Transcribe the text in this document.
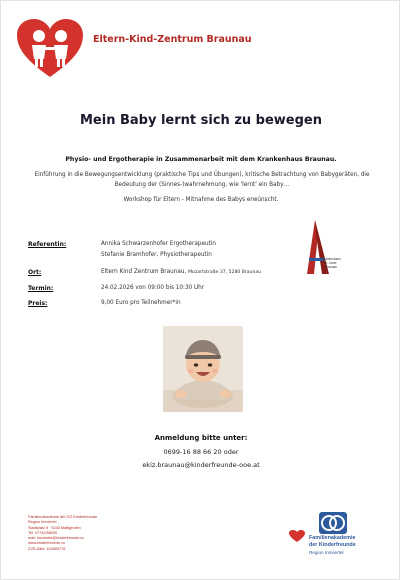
Eltern-Kind-Zentrum Braunau
Mein Baby lernt sich zu bewegen
Physio- und Ergotherapie in Zusammenarbeit mit dem Krankenhaus Braunau.
Einführung in die Bewegungsentwicklung (praktische Tips und Übungen), kritische Betrachtung von Babygeräten, die Bedeutung der (Sinnes-)wahrnehmung, wie 'lernt' ein Baby…
Workshop für Eltern - Mitnahme des Babys erwünscht.
Referentin:	Annika Schwarzenhofer Ergotherapeutin
Stefanie Bramhofer, Physiotherapeutin
Ort:	Eltern Kind Zentrum Braunau, Mozartstraße 37, 5280 Braunau
Termin:	24.02.2026 von 09:00 bis 10:30 Uhr
Preis:	9,00 Euro pro Teilnehmer*in
Krankenhaus
St. Josef
Braunau
Anmeldung bitte unter:
0699-16 88 66 20 oder
ekiz.braunau@kinderfreunde-ooe.at
Familienakademie der OÖ Kinderfreunde
Region Innviertel
Stadtplatz 5 · 5230 Mattighofen
Tel. 07742/58290
mail: innviertel@kinderfreunde.cc
www.kinderfreunde.cc
ZVR-Zahl: 154555776
Familienakademie
der Kinderfreunde
Region Innviertel
